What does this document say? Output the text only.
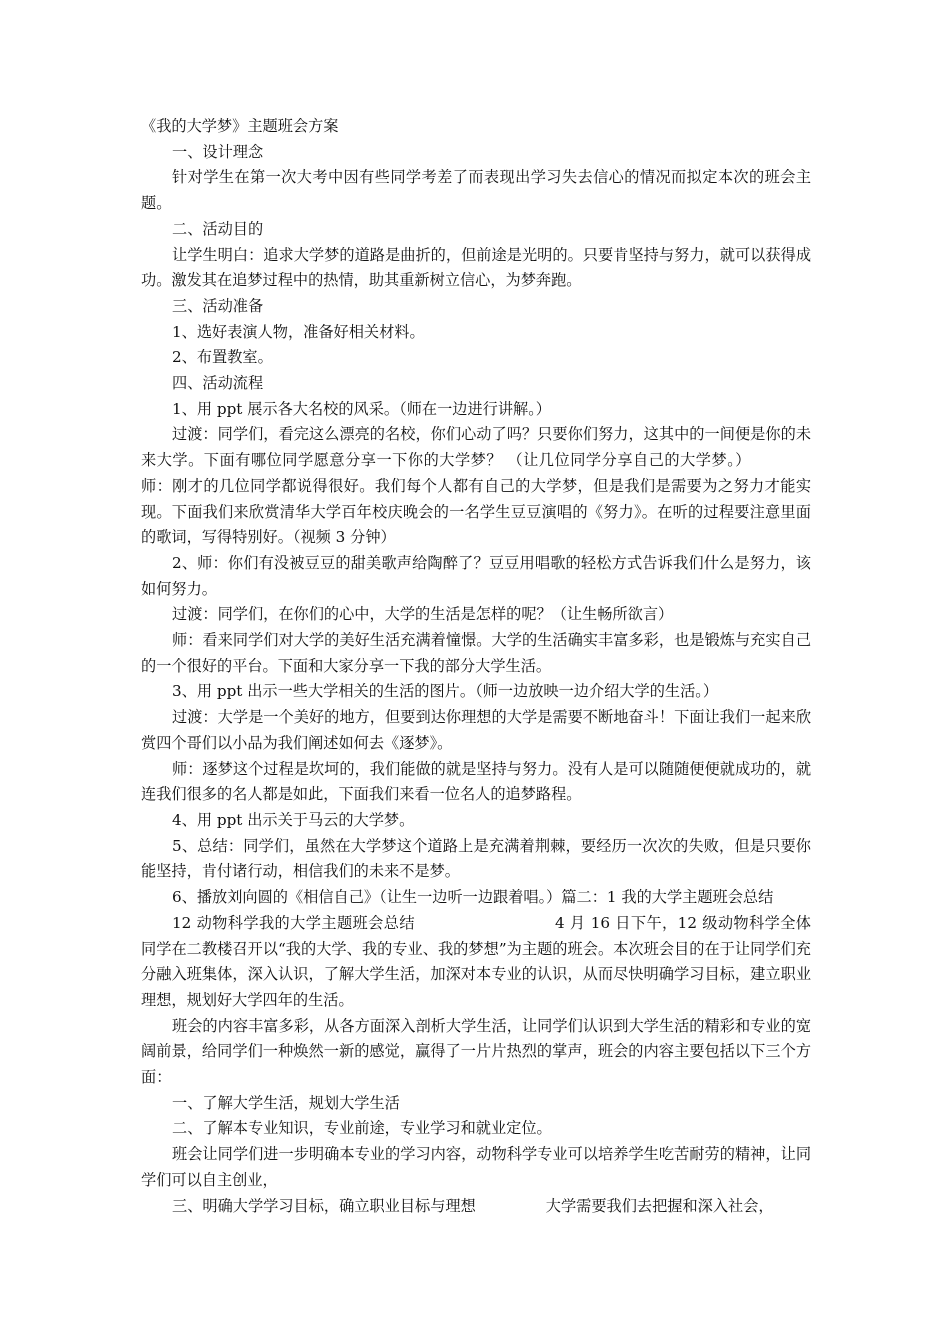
《我的大学梦》主题班会方案

一、设计理念

针对学生在第一次大考中因有些同学考差了而表现出学习失去信心的情况而拟定本次的班会主题。

二、活动目的

让学生明白：追求大学梦的道路是曲折的，但前途是光明的。只要肯坚持与努力，就可以获得成功。激发其在追梦过程中的热情，助其重新树立信心，为梦奔跑。

三、活动准备

1、选好表演人物，准备好相关材料。

2、布置教室。

四、活动流程

1、用 ppt 展示各大名校的风采。（师在一边进行讲解。）

过渡：同学们，看完这么漂亮的名校，你们心动了吗？只要你们努力，这其中的一间便是你的未来大学。下面有哪位同学愿意分享一下你的大学梦？ （让几位同学分享自己的大学梦。）师：刚才的几位同学都说得很好。我们每个人都有自己的大学梦，但是我们是需要为之努力才能实现。下面我们来欣赏清华大学百年校庆晚会的一名学生豆豆演唱的《努力》。在听的过程要注意里面的歌词，写得特别好。（视频 3 分钟）

2、师：你们有没被豆豆的甜美歌声给陶醉了？豆豆用唱歌的轻松方式告诉我们什么是努力，该如何努力。

过渡：同学们，在你们的心中，大学的生活是怎样的呢？（让生畅所欲言）

师：看来同学们对大学的美好生活充满着憧憬。大学的生活确实丰富多彩，也是锻炼与充实自己的一个很好的平台。下面和大家分享一下我的部分大学生活。

3、用 ppt 出示一些大学相关的生活的图片。（师一边放映一边介绍大学的生活。）

过渡：大学是一个美好的地方，但要到达你理想的大学是需要不断地奋斗！下面让我们一起来欣赏四个哥们以小品为我们阐述如何去《逐梦》。

师：逐梦这个过程是坎坷的，我们能做的就是坚持与努力。没有人是可以随随便便就成功的，就连我们很多的名人都是如此，下面我们来看一位名人的追梦路程。

4、用 ppt 出示关于马云的大学梦。

5、总结：同学们，虽然在大学梦这个道路上是充满着荆棘，要经历一次次的失败，但是只要你能坚持，肯付诸行动，相信我们的未来不是梦。

6、播放刘向圆的《相信自己》（让生一边听一边跟着唱。）篇二：1 我的大学主题班会总结

12 动物科学我的大学主题班会总结	4 月 16 日下午，12 级动物科学全体同学在二教楼召开以“我的大学、我的专业、我的梦想”为主题的班会。本次班会目的在于让同学们充分融入班集体，深入认识，了解大学生活，加深对本专业的认识，从而尽快明确学习目标，建立职业理想，规划好大学四年的生活。

班会的内容丰富多彩，从各方面深入剖析大学生活，让同学们认识到大学生活的精彩和专业的宽阔前景，给同学们一种焕然一新的感觉，赢得了一片片热烈的掌声，班会的内容主要包括以下三个方面：

一、了解大学生活，规划大学生活

二、了解本专业知识，专业前途，专业学习和就业定位。

班会让同学们进一步明确本专业的学习内容，动物科学专业可以培养学生吃苦耐劳的精神，让同学们可以自主创业，

三、明确大学学习目标，确立职业目标与理想	大学需要我们去把握和深入社会，
